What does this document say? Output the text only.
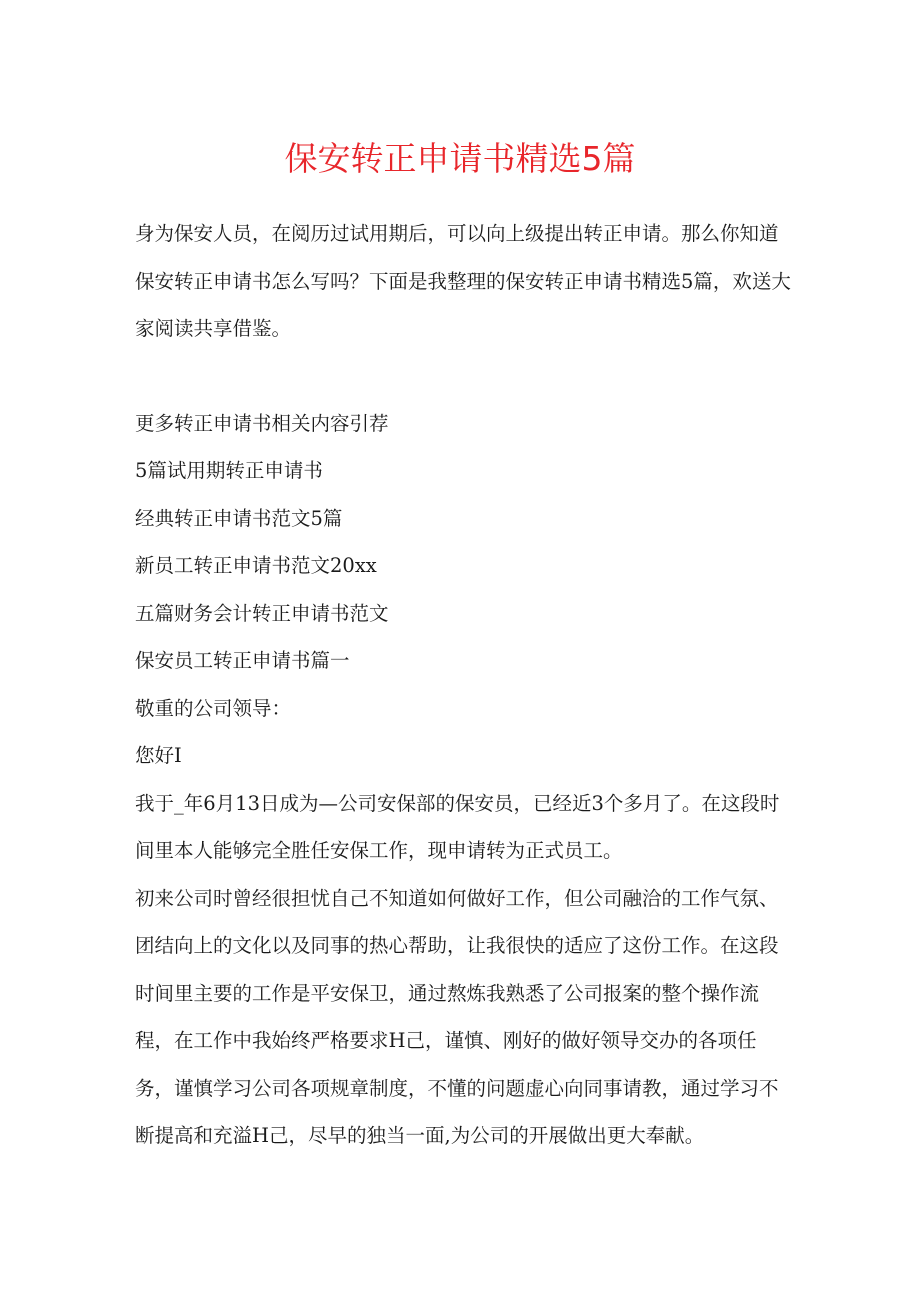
保安转正申请书精选5篇

身为保安人员，在阅历过试用期后，可以向上级提出转正申请。那么你知道保安转正申请书怎么写吗？下面是我整理的保安转正申请书精选5篇，欢送大家阅读共享借鉴。

更多转正申请书相关内容引荐

5篇试用期转正申请书

经典转正申请书范文5篇

新员工转正申请书范文20xx

五篇财务会计转正申请书范文

保安员工转正申请书篇一

敬重的公司领导：

您好I

我于_年6月13日成为—公司安保部的保安员，已经近3个多月了。在这段时间里本人能够完全胜任安保工作，现申请转为正式员工。

初来公司时曾经很担忧自己不知道如何做好工作，但公司融洽的工作气氛、团结向上的文化以及同事的热心帮助，让我很快的适应了这份工作。在这段时间里主要的工作是平安保卫，通过熬炼我熟悉了公司报案的整个操作流程，在工作中我始终严格要求H己，谨慎、刚好的做好领导交办的各项任务，谨慎学习公司各项规章制度，不懂的问题虚心向同事请教，通过学习不断提高和充溢H己，尽早的独当一面,为公司的开展做出更大奉献。
